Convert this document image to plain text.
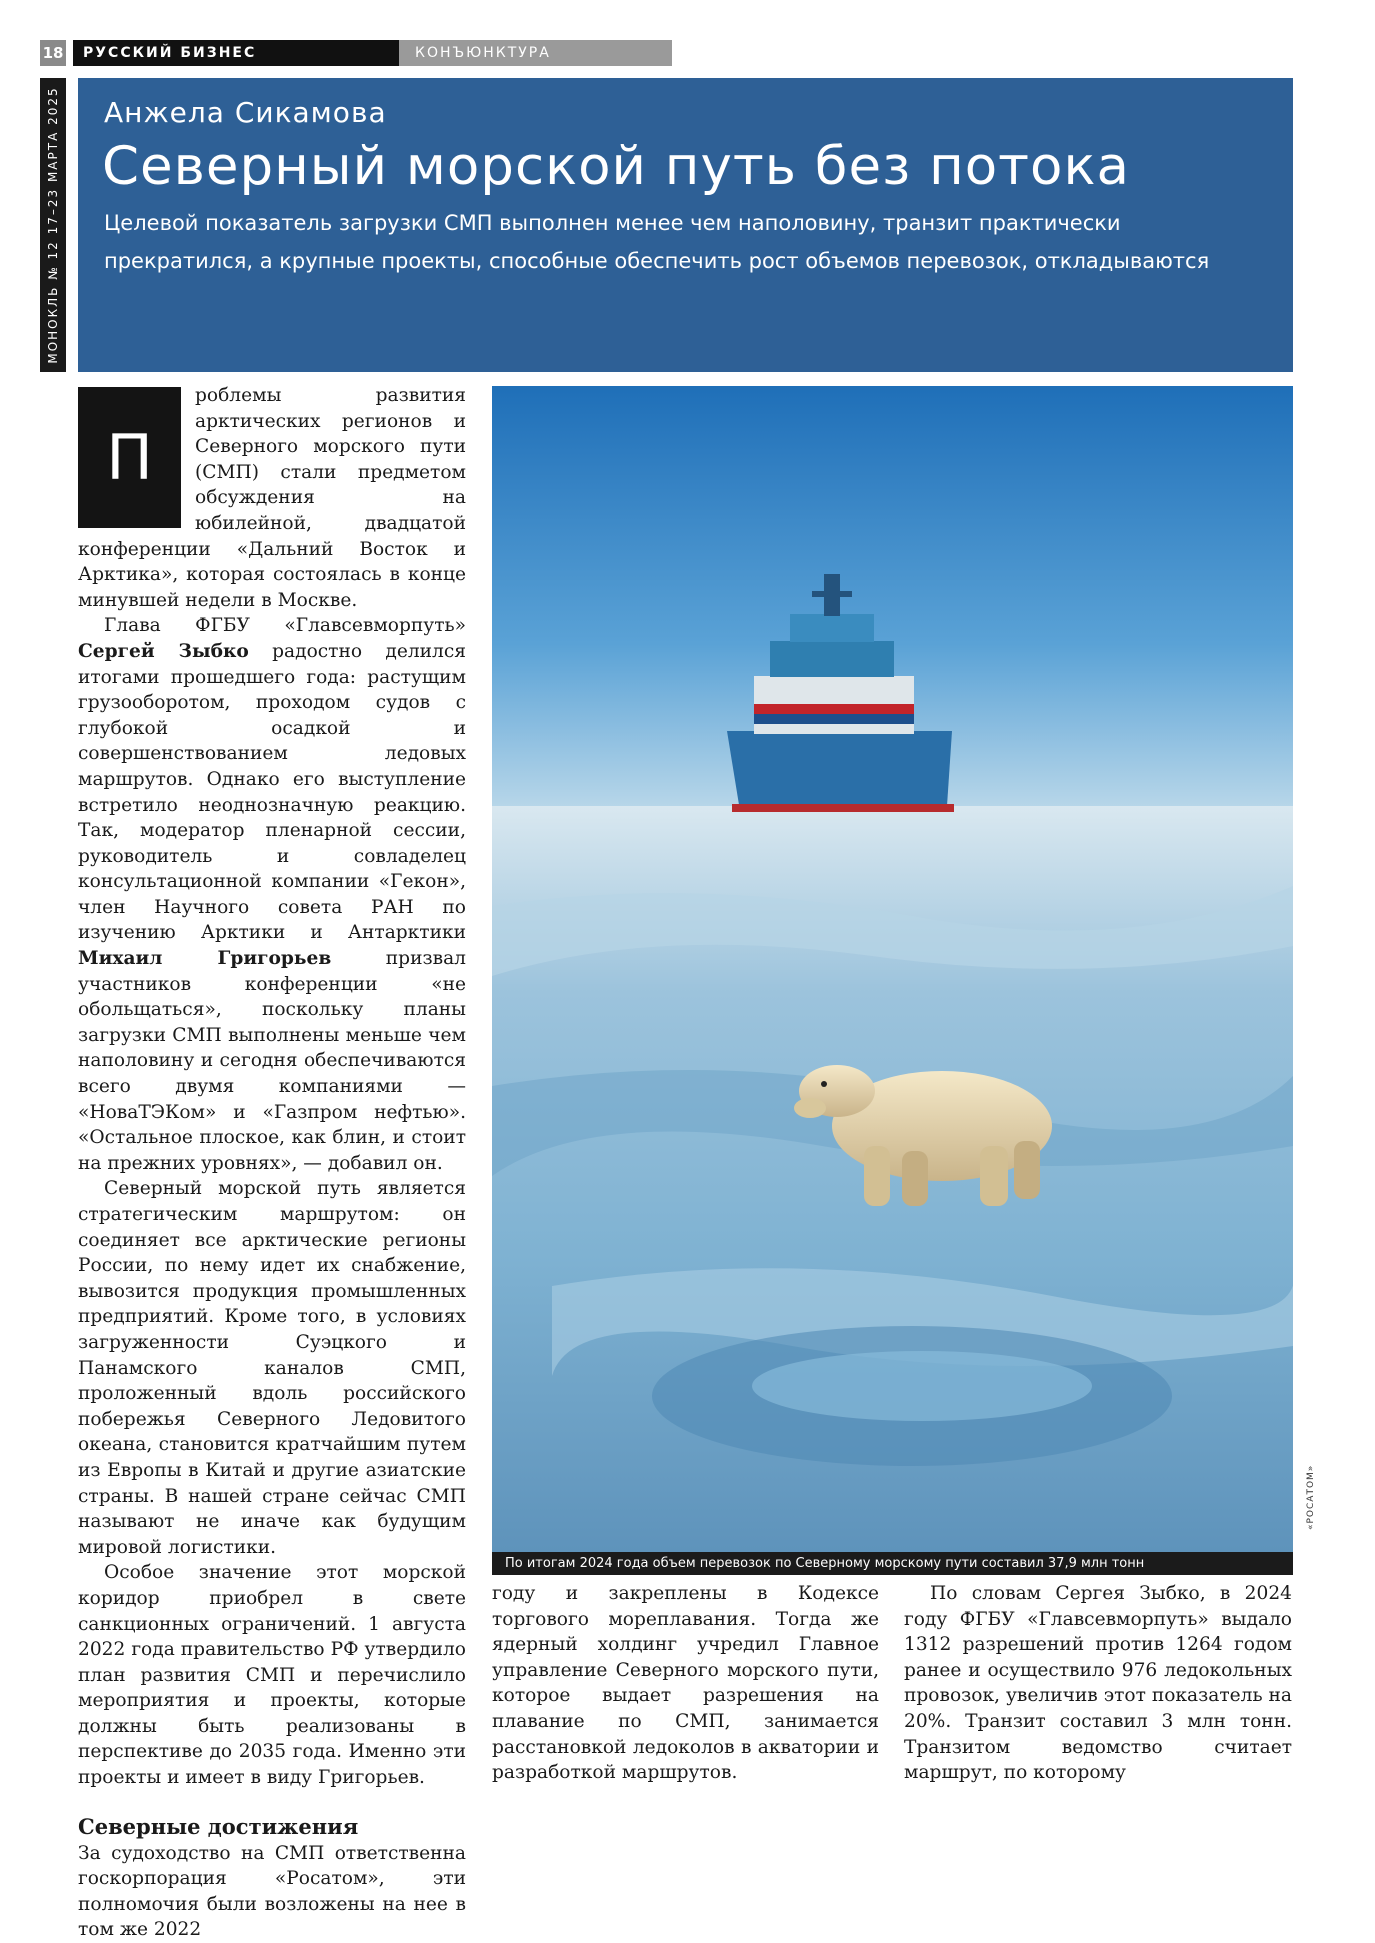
18	РУССКИЙ БИЗНЕС	КОНЪЮНКТУРА
МОНОКЛЬ № 12 17–23 МАРТА 2025 Анжела Сикамова
Северный морской путь без потока
Целевой показатель загрузки СМП выполнен менее чем наполовину, транзит практически прекратился, а крупные проекты, способные обеспечить рост объемов перевозок, откладываются
П

роблемы развития арктических регионов и Северного морского пути (СМП) стали предметом обсуждения на юбилейной, двадцатой конференции «Дальний Восток и Арктика», которая состоялась в конце минувшей недели в Москве.

Глава ФГБУ «Главсевморпуть» Сергей Зыбко радостно делился итогами прошедшего года: растущим грузооборотом, проходом судов с глубокой осадкой и совершенствованием ледовых маршрутов. Однако его выступление встретило неоднозначную реакцию. Так, модератор пленарной сессии, руководитель и совладелец консультационной компании «Гекон», член Научного совета РАН по изучению Арктики и Антарктики Михаил Григорьев призвал участников конференции «не обольщаться», поскольку планы загрузки СМП выполнены меньше чем наполовину и сегодня обеспечиваются всего двумя компаниями — «НоваТЭКом» и «Газпром нефтью». «Остальное плоское, как блин, и стоит на прежних уровнях», — добавил он.

Северный морской путь является стратегическим маршрутом: он соединяет все арктические регионы России, по нему идет их снабжение, вывозится продукция промышленных предприятий. Кроме того, в условиях загруженности Суэцкого и Панамского каналов СМП, проложенный вдоль российского побережья Северного Ледовитого океана, становится кратчайшим путем из Европы в Китай и другие азиатские страны. В нашей стране сейчас СМП называют не иначе как будущим мировой логистики.

Особое значение этот морской коридор приобрел в свете санкционных ограничений. 1 августа 2022 года правительство РФ утвердило план развития СМП и перечислило мероприятия и проекты, которые должны быть реализованы в перспективе до 2035 года. Именно эти проекты и имеет в виду Григорьев.

Северные достижения

За судоходство на СМП ответственна госкорпорация «Росатом», эти полномочия были возложены на нее в том же 2022

По итогам 2024 года объем перевозок по Северному морскому пути составил 37,9 млн тонн
«РОСАТОМ»

году и закреплены в Кодексе торгового мореплавания. Тогда же ядерный холдинг учредил Главное управление Северного морского пути, которое выдает разрешения на плавание по СМП, занимается расстановкой ледоколов в акватории и разработкой маршрутов.

По словам Сергея Зыбко, в 2024 году ФГБУ «Главсевморпуть» выдало 1312 разрешений против 1264 годом ранее и осуществило 976 ледокольных провозок, увеличив этот показатель на 20%. Транзит составил 3 млн тонн. Транзитом ведомство считает маршрут, по которому
